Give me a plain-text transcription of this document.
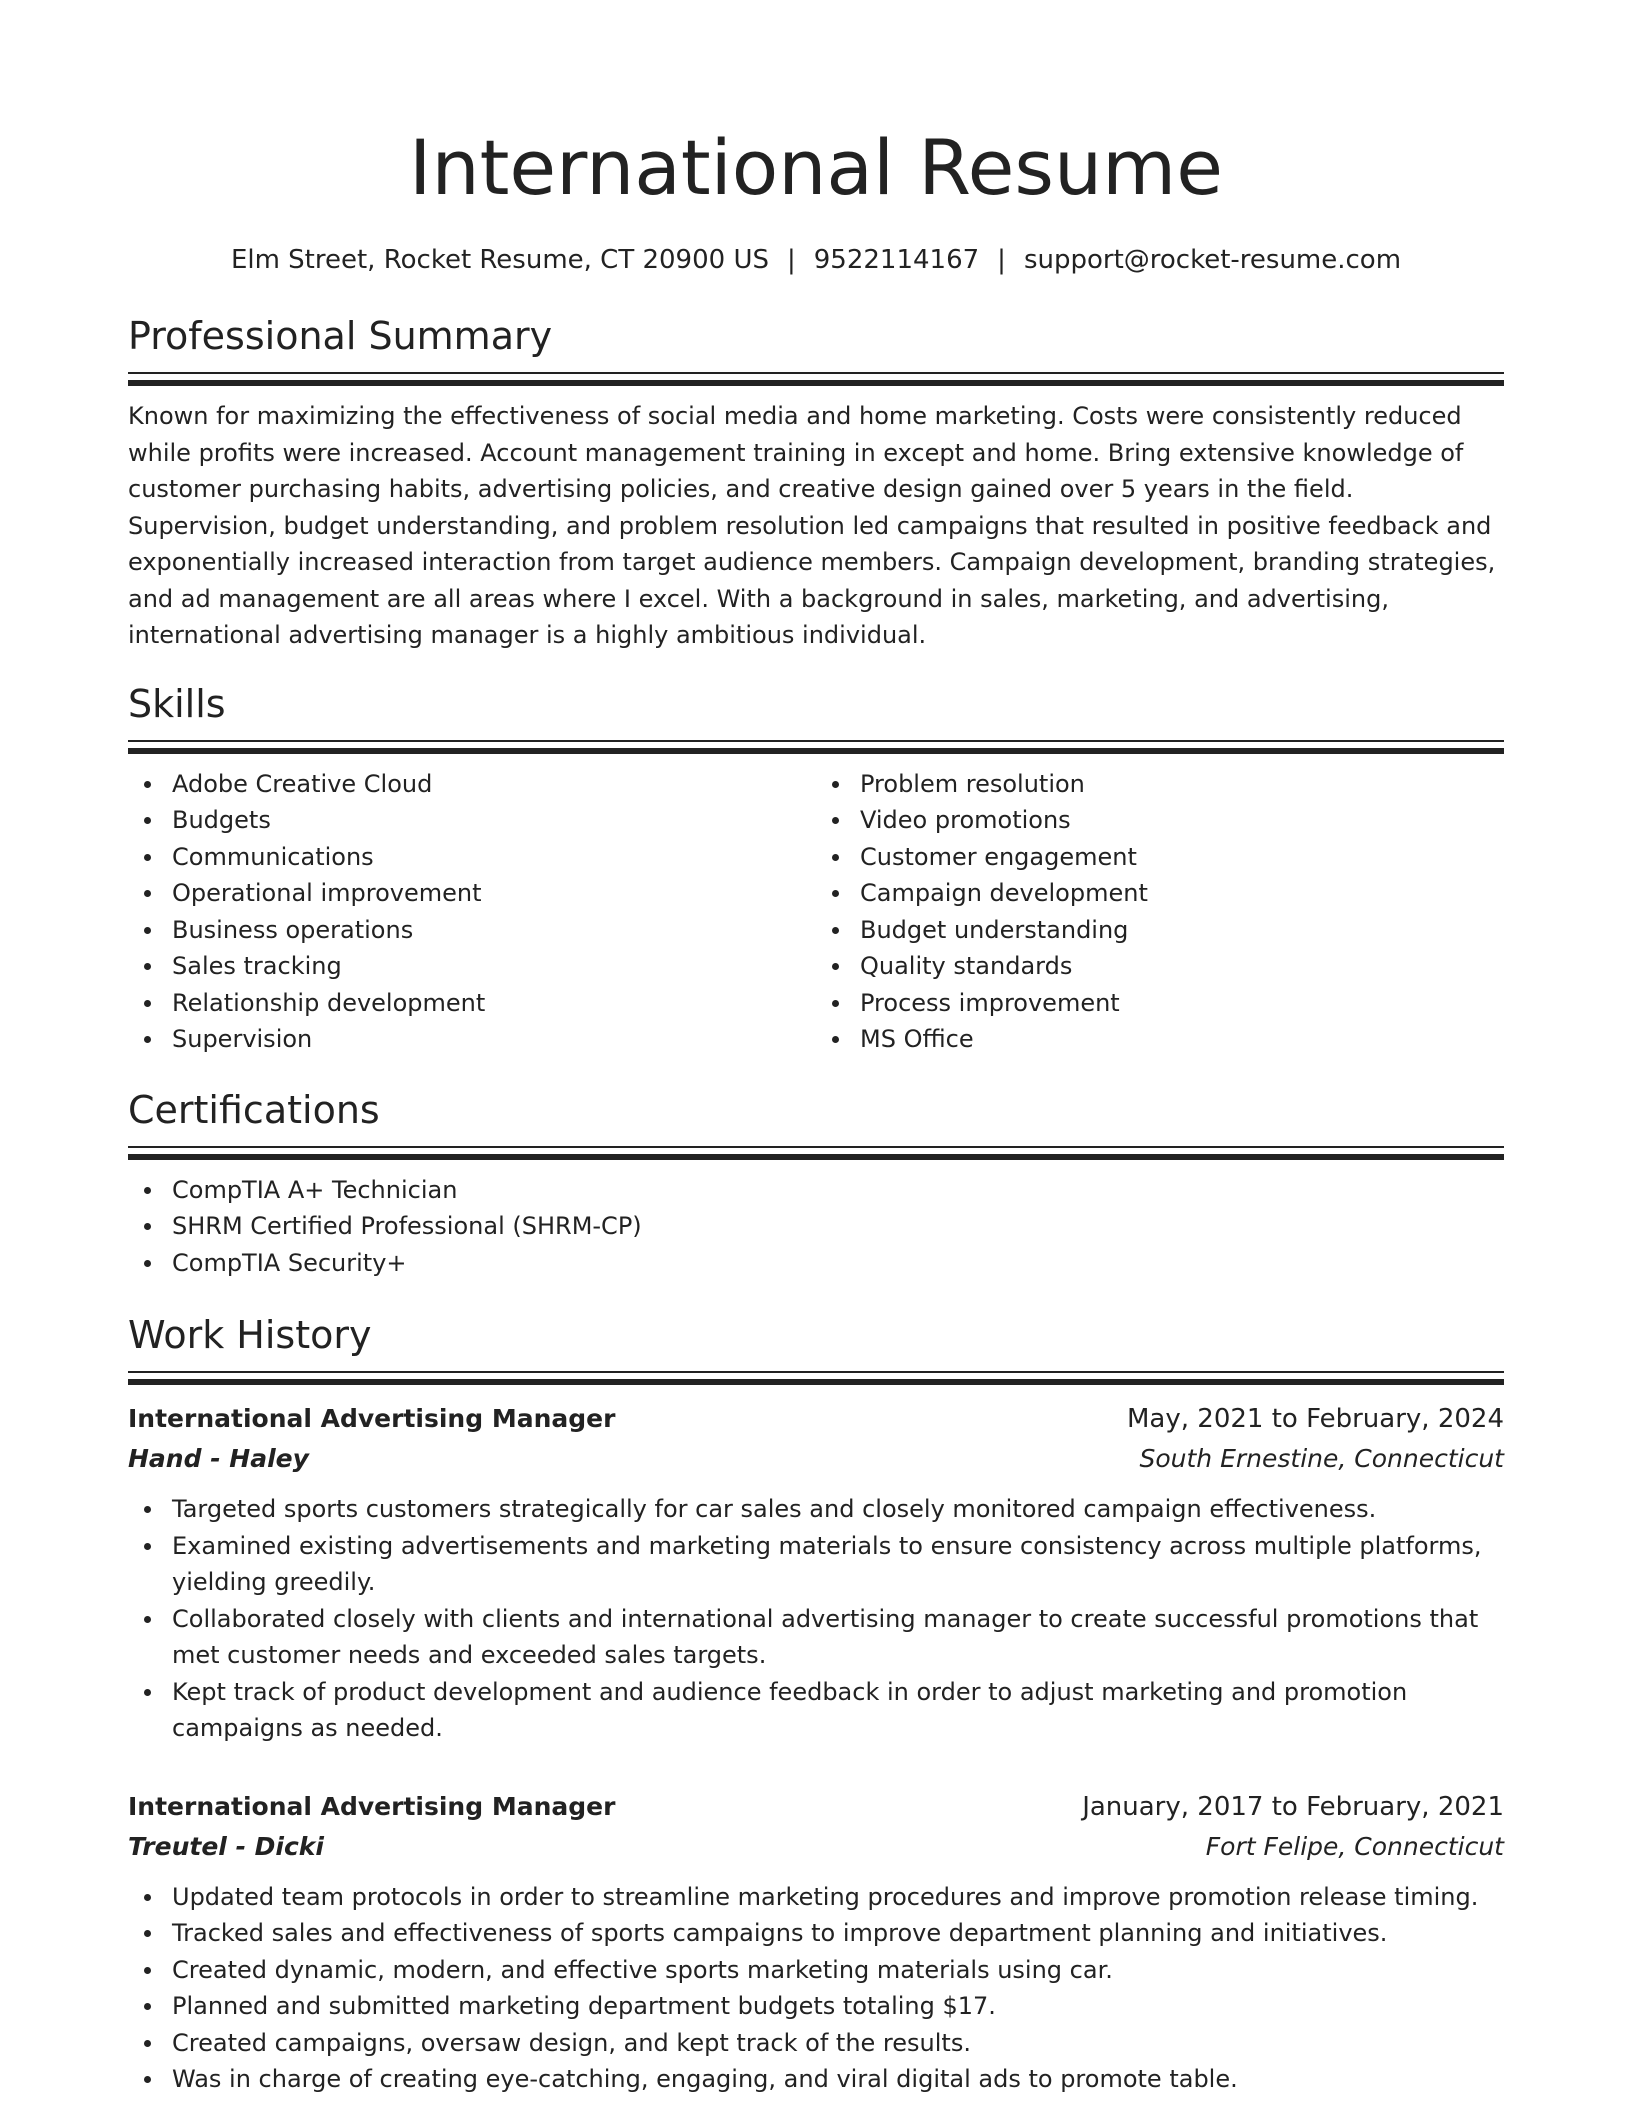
International Resume
Elm Street, Rocket Resume, CT 20900 US | 9522114167 | support@rocket-resume.com
Professional Summary

Known for maximizing the effectiveness of social media and home marketing. Costs were consistently reduced while profits were increased. Account management training in except and home. Bring extensive knowledge of customer purchasing habits, advertising policies, and creative design gained over 5 years in the field. Supervision, budget understanding, and problem resolution led campaigns that resulted in positive feedback and exponentially increased interaction from target audience members. Campaign development, branding strategies, and ad management are all areas where I excel. With a background in sales, marketing, and advertising, international advertising manager is a highly ambitious individual.

Skills
Adobe Creative Cloud
Budgets
Communications
Operational improvement
Business operations
Sales tracking
Relationship development
Supervision
Problem resolution
Video promotions
Customer engagement
Campaign development
Budget understanding
Quality standards
Process improvement
MS Office
Certifications
CompTIA A+ Technician
SHRM Certified Professional (SHRM-CP)
CompTIA Security+
Work History
International Advertising Manager	May, 2021 to February, 2024
Hand - Haley	South Ernestine, Connecticut
Targeted sports customers strategically for car sales and closely monitored campaign effectiveness.
Examined existing advertisements and marketing materials to ensure consistency across multiple platforms, yielding greedily.
Collaborated closely with clients and international advertising manager to create successful promotions that met customer needs and exceeded sales targets.
Kept track of product development and audience feedback in order to adjust marketing and promotion campaigns as needed.
International Advertising Manager	January, 2017 to February, 2021
Treutel - Dicki	Fort Felipe, Connecticut
Updated team protocols in order to streamline marketing procedures and improve promotion release timing.
Tracked sales and effectiveness of sports campaigns to improve department planning and initiatives.
Created dynamic, modern, and effective sports marketing materials using car.
Planned and submitted marketing department budgets totaling $17.
Created campaigns, oversaw design, and kept track of the results.
Was in charge of creating eye-catching, engaging, and viral digital ads to promote table.
